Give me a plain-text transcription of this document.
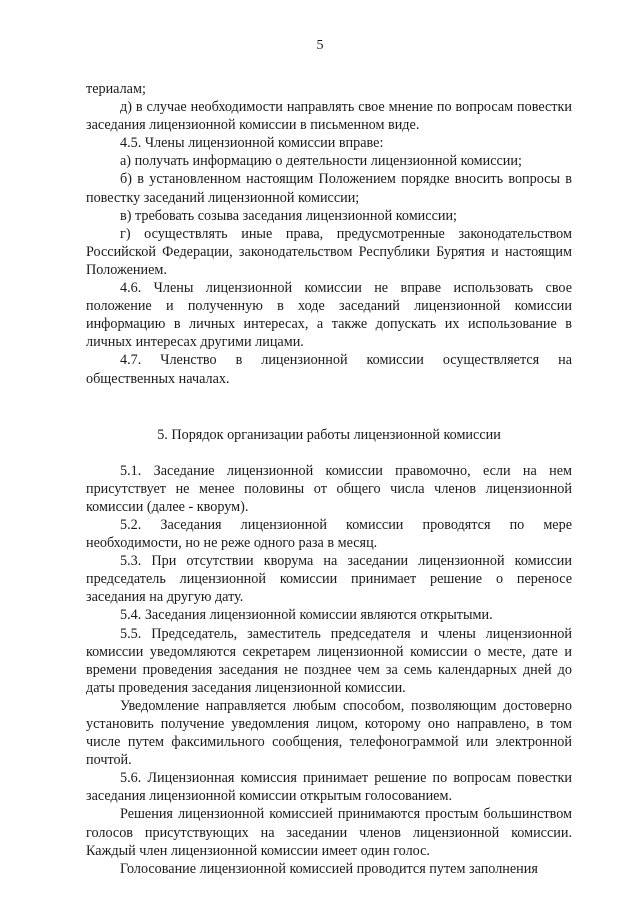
5

териалам;

д) в случае необходимости направлять свое мнение по вопросам повестки заседания лицензионной комиссии в письменном виде.

4.5. Члены лицензионной комиссии вправе:

а) получать информацию о деятельности лицензионной комиссии;

б) в установленном настоящим Положением порядке вносить вопросы в повестку заседаний лицензионной комиссии;

в) требовать созыва заседания лицензионной комиссии;

г) осуществлять иные права, предусмотренные законодательством Российской Федерации, законодательством Республики Бурятия и настоящим Положением.

4.6. Члены лицензионной комиссии не вправе использовать свое положение и полученную в ходе заседаний лицензионной комиссии информацию в личных интересах, а также допускать их использование в личных интересах другими лицами.

4.7. Членство в лицензионной комиссии осуществляется на общественных началах.

5. Порядок организации работы лицензионной комиссии

5.1. Заседание лицензионной комиссии правомочно, если на нем присутствует не менее половины от общего числа членов лицензионной комиссии (далее - кворум).

5.2. Заседания лицензионной комиссии проводятся по мере необходимости, но не реже одного раза в месяц.

5.3. При отсутствии кворума на заседании лицензионной комиссии председатель лицензионной комиссии принимает решение о переносе заседания на другую дату.

5.4. Заседания лицензионной комиссии являются открытыми.

5.5. Председатель, заместитель председателя и члены лицензионной комиссии уведомляются секретарем лицензионной комиссии о месте, дате и времени проведения заседания не позднее чем за семь календарных дней до даты проведения заседания лицензионной комиссии.

Уведомление направляется любым способом, позволяющим достоверно установить получение уведомления лицом, которому оно направлено, в том числе путем факсимильного сообщения, телефонограммой или электронной почтой.

5.6. Лицензионная комиссия принимает решение по вопросам повестки заседания лицензионной комиссии открытым голосованием.

Решения лицензионной комиссией принимаются простым большинством голосов присутствующих на заседании членов лицензионной комиссии. Каждый член лицензионной комиссии имеет один голос.

Голосование лицензионной комиссией проводится путем заполнения
